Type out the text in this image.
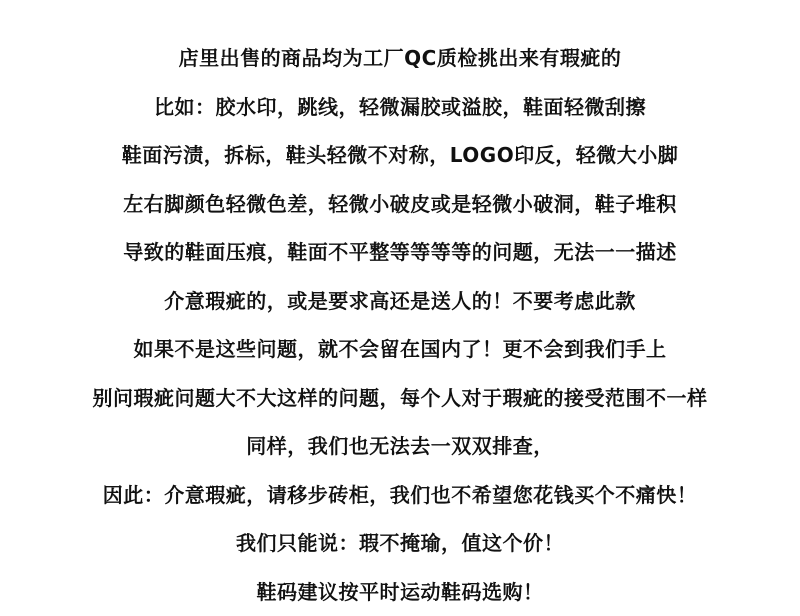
店里出售的商品均为工厂QC质检挑出来有瑕疵的
比如：胶水印，跳线，轻微漏胶或溢胶，鞋面轻微刮擦
鞋面污渍，拆标，鞋头轻微不对称，LOGO印反，轻微大小脚
左右脚颜色轻微色差，轻微小破皮或是轻微小破洞，鞋子堆积
导致的鞋面压痕，鞋面不平整等等等等的问题，无法一一描述
介意瑕疵的，或是要求高还是送人的！不要考虑此款
如果不是这些问题，就不会留在国内了！更不会到我们手上
别问瑕疵问题大不大这样的问题，每个人对于瑕疵的接受范围不一样
同样，我们也无法去一双双排查，
因此：介意瑕疵，请移步砖柜，我们也不希望您花钱买个不痛快！
我们只能说：瑕不掩瑜，值这个价！
鞋码建议按平时运动鞋码选购！
